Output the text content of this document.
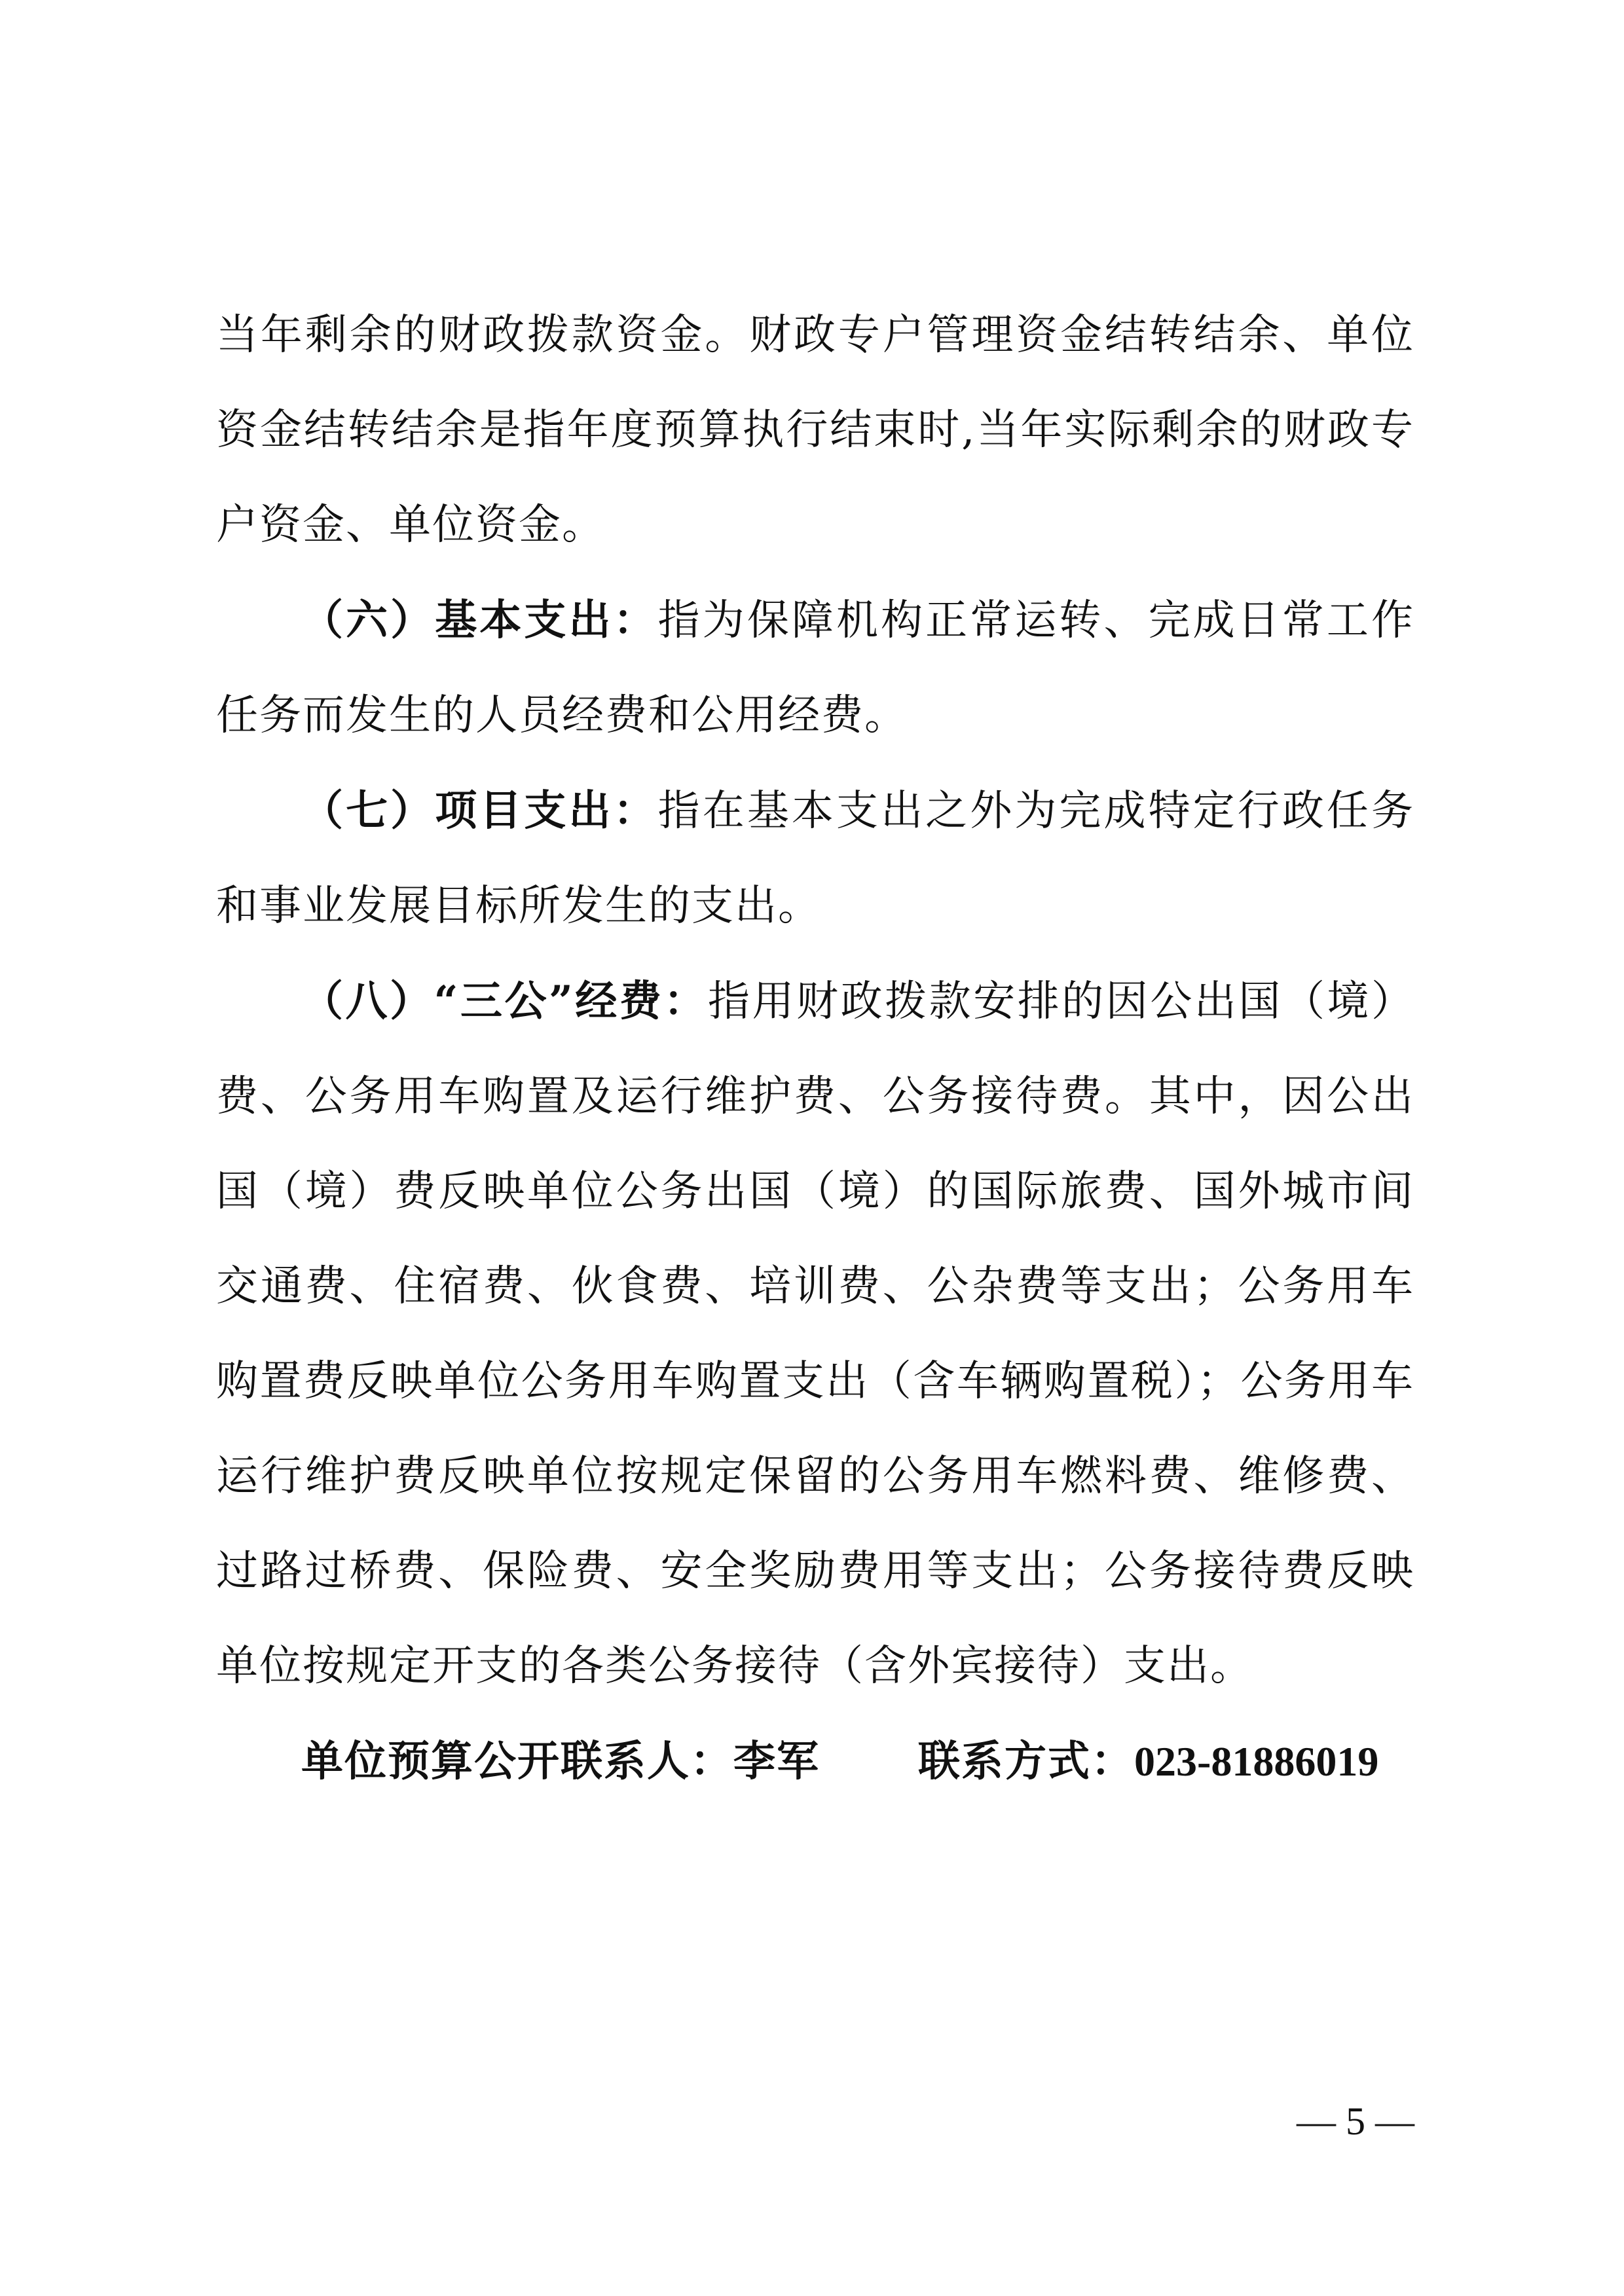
当年剩余的财政拨款资金。财政专户管理资金结转结余、单位资金结转结余是指年度预算执行结束时,当年实际剩余的财政专户资金、单位资金。

（六）基本支出：指为保障机构正常运转、完成日常工作任务而发生的人员经费和公用经费。

（七）项目支出：指在基本支出之外为完成特定行政任务和事业发展目标所发生的支出。

（八）“三公”经费：指用财政拨款安排的因公出国（境）费、公务用车购置及运行维护费、公务接待费。其中，因公出国（境）费反映单位公务出国（境）的国际旅费、国外城市间交通费、住宿费、伙食费、培训费、公杂费等支出；公务用车购置费反映单位公务用车购置支出（含车辆购置税）；公务用车运行维护费反映单位按规定保留的公务用车燃料费、维修费、过路过桥费、保险费、安全奖励费用等支出；公务接待费反映单位按规定开支的各类公务接待（含外宾接待）支出。

单位预算公开联系人：李军 联系方式：023-81886019

— 5 —
